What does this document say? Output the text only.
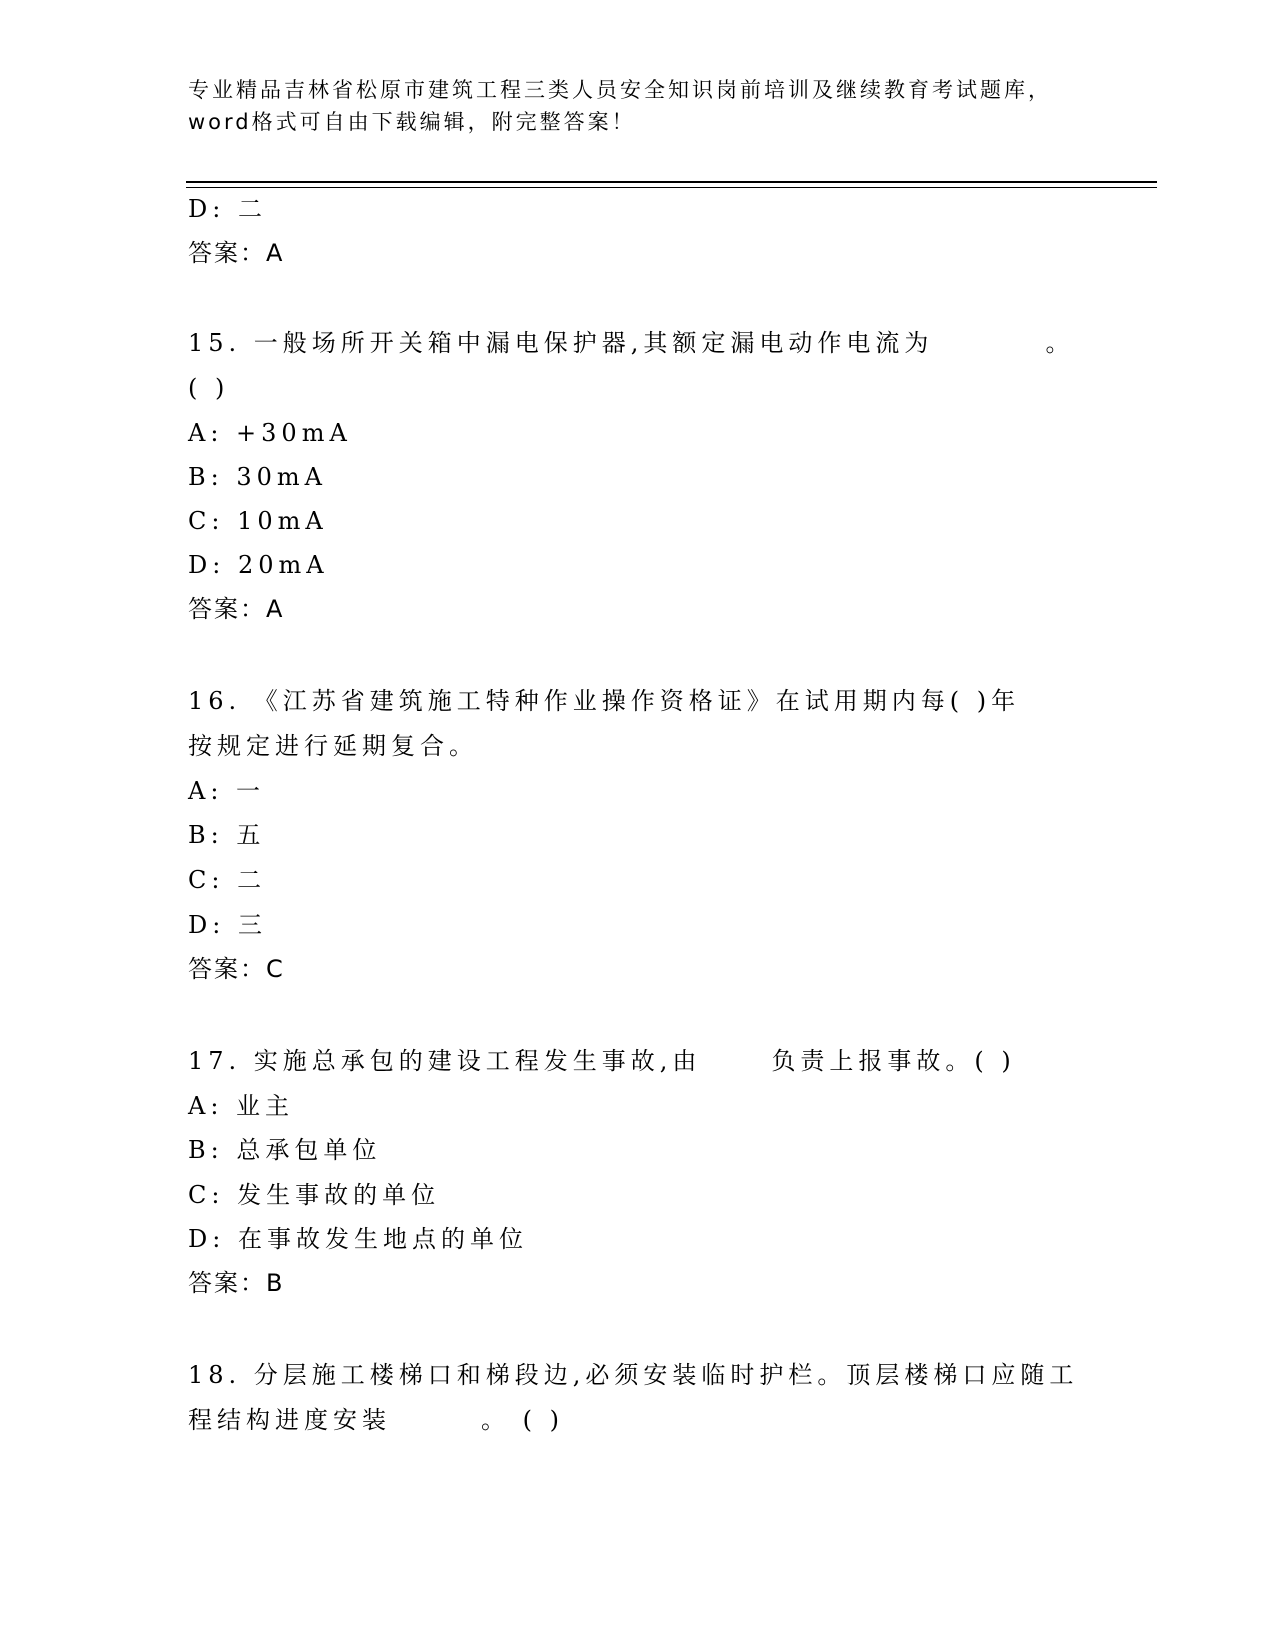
专业精品吉林省松原市建筑工程三类人员安全知识岗前培训及继续教育考试题库，
word格式可自由下载编辑，附完整答案！
D: 二
答案：A
15. 一般场所开关箱中漏电保护器,其额定漏电动作电流为	。
( )
A: +30mA
B: 30mA
C: 10mA
D: 20mA
答案：A
16. 《江苏省建筑施工特种作业操作资格证》在试用期内每( )年
按规定进行延期复合。
A: 一
B: 五
C: 二
D: 三
答案：C
17. 实施总承包的建设工程发生事故,由	负责上报事故。( )
A: 业主
B: 总承包单位
C: 发生事故的单位
D: 在事故发生地点的单位
答案：B
18. 分层施工楼梯口和梯段边,必须安装临时护栏。顶层楼梯口应随工
程结构进度安装	。 ( )
